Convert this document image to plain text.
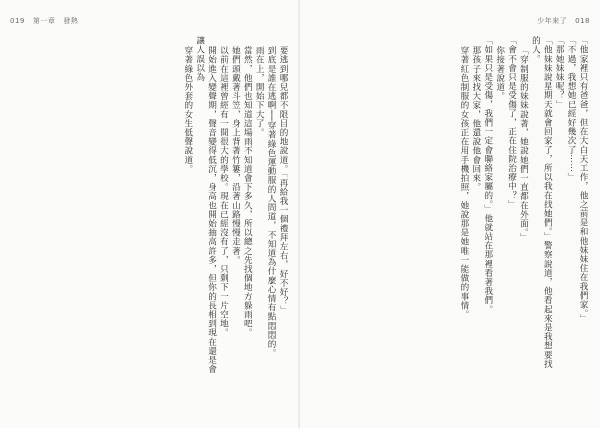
019 第一章 發熱

要逃到哪兒都不限目的地說道。「再給我一個禮拜左右，好不好？」

到底是誰在逃啊──穿著綠色運動服的人問道，不知道為什麼心情有點悶悶的。

雨在上，開始下大了。

當然，他們也知道這場雨不知道會下多久，所以總之先找個地方躲雨吧。

她們頭戴著斗笠，身上背著竹簍，沿著山路慢慢走著。

以前在這裡曾經有一間很大的學校。現在已經沒有了，只剩下一片空地。

開始進入變聲期，聲音變得低沉，身高也開始抽高許多，但你的長相到現在還是會讓人誤以為

穿著綠色外套的女生低聲說道。

少年來了 018

「他家裡只有爸爸，但在大白天工作，他之前是和他妹妹住在我們家。」

「不過，我想她已經好幾次了⋯⋯」

「那她妹妹呢？」

「他妹妹說星期天就會回家了，所以我在找她們。」警察說道，他看起來是我想要找的人。

「穿制服的妹妹說著，她說她們一直都在外面。」

「會不會只是受傷了，正在住院治療中？」

你接著說道。

「如果只是受傷，我們一定會聯絡家屬的。」他就站在那裡看著我們。

那孩子來找大家，他還說他會回來。

穿著紅色制服的女孩正在用手機拍照，她說那是她唯一能做的事情。
